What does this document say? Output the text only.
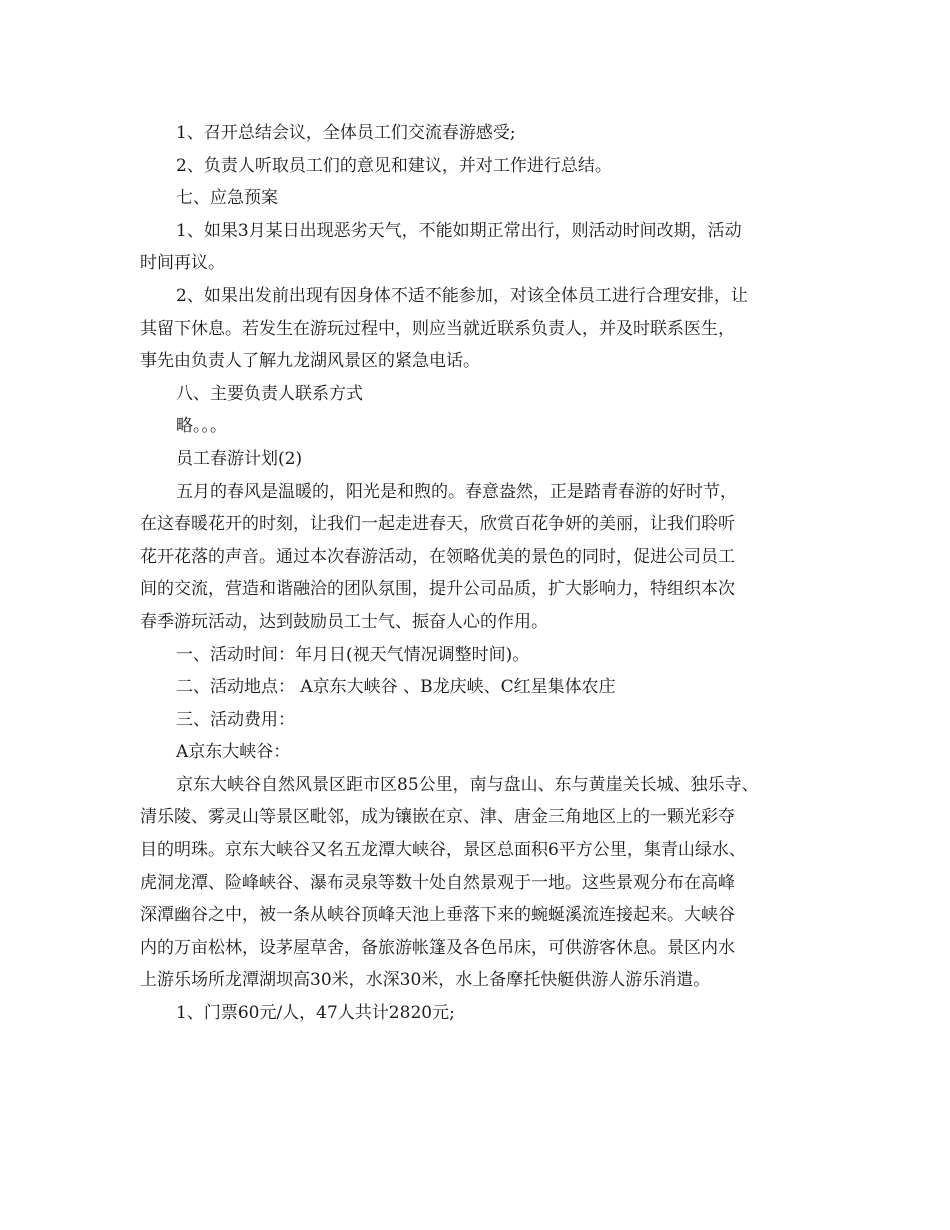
1、召开总结会议，全体员工们交流春游感受;
2、负责人听取员工们的意见和建议，并对工作进行总结。
七、应急预案
1、如果3月某日出现恶劣天气，不能如期正常出行，则活动时间改期，活动
时间再议。
2、如果出发前出现有因身体不适不能参加，对该全体员工进行合理安排，让
其留下休息。若发生在游玩过程中，则应当就近联系负责人，并及时联系医生，
事先由负责人了解九龙湖风景区的紧急电话。
八、主要负责人联系方式
略。。。
员工春游计划(2)
五月的春风是温暖的，阳光是和煦的。春意盎然，正是踏青春游的好时节，
在这春暖花开的时刻，让我们一起走进春天，欣赏百花争妍的美丽，让我们聆听
花开花落的声音。通过本次春游活动，在领略优美的景色的同时，促进公司员工
间的交流，营造和谐融洽的团队氛围，提升公司品质，扩大影响力，特组织本次
春季游玩活动，达到鼓励员工士气、振奋人心的作用。
一、活动时间：年月日(视天气情况调整时间)。
二、活动地点： A京东大峡谷 、B龙庆峡、C红星集体农庄
三、活动费用：
A京东大峡谷：
京东大峡谷自然风景区距市区85公里，南与盘山、东与黄崖关长城、独乐寺、
清乐陵、雾灵山等景区毗邻，成为镶嵌在京、津、唐金三角地区上的一颗光彩夺
目的明珠。京东大峡谷又名五龙潭大峡谷，景区总面积6平方公里，集青山绿水、
虎洞龙潭、险峰峡谷、瀑布灵泉等数十处自然景观于一地。这些景观分布在高峰
深潭幽谷之中，被一条从峡谷顶峰天池上垂落下来的蜿蜒溪流连接起来。大峡谷
内的万亩松林，设茅屋草舍，备旅游帐篷及各色吊床，可供游客休息。景区内水
上游乐场所龙潭湖坝高30米，水深30米，水上备摩托快艇供游人游乐消遣。
1、门票60元/人，47人共计2820元;
